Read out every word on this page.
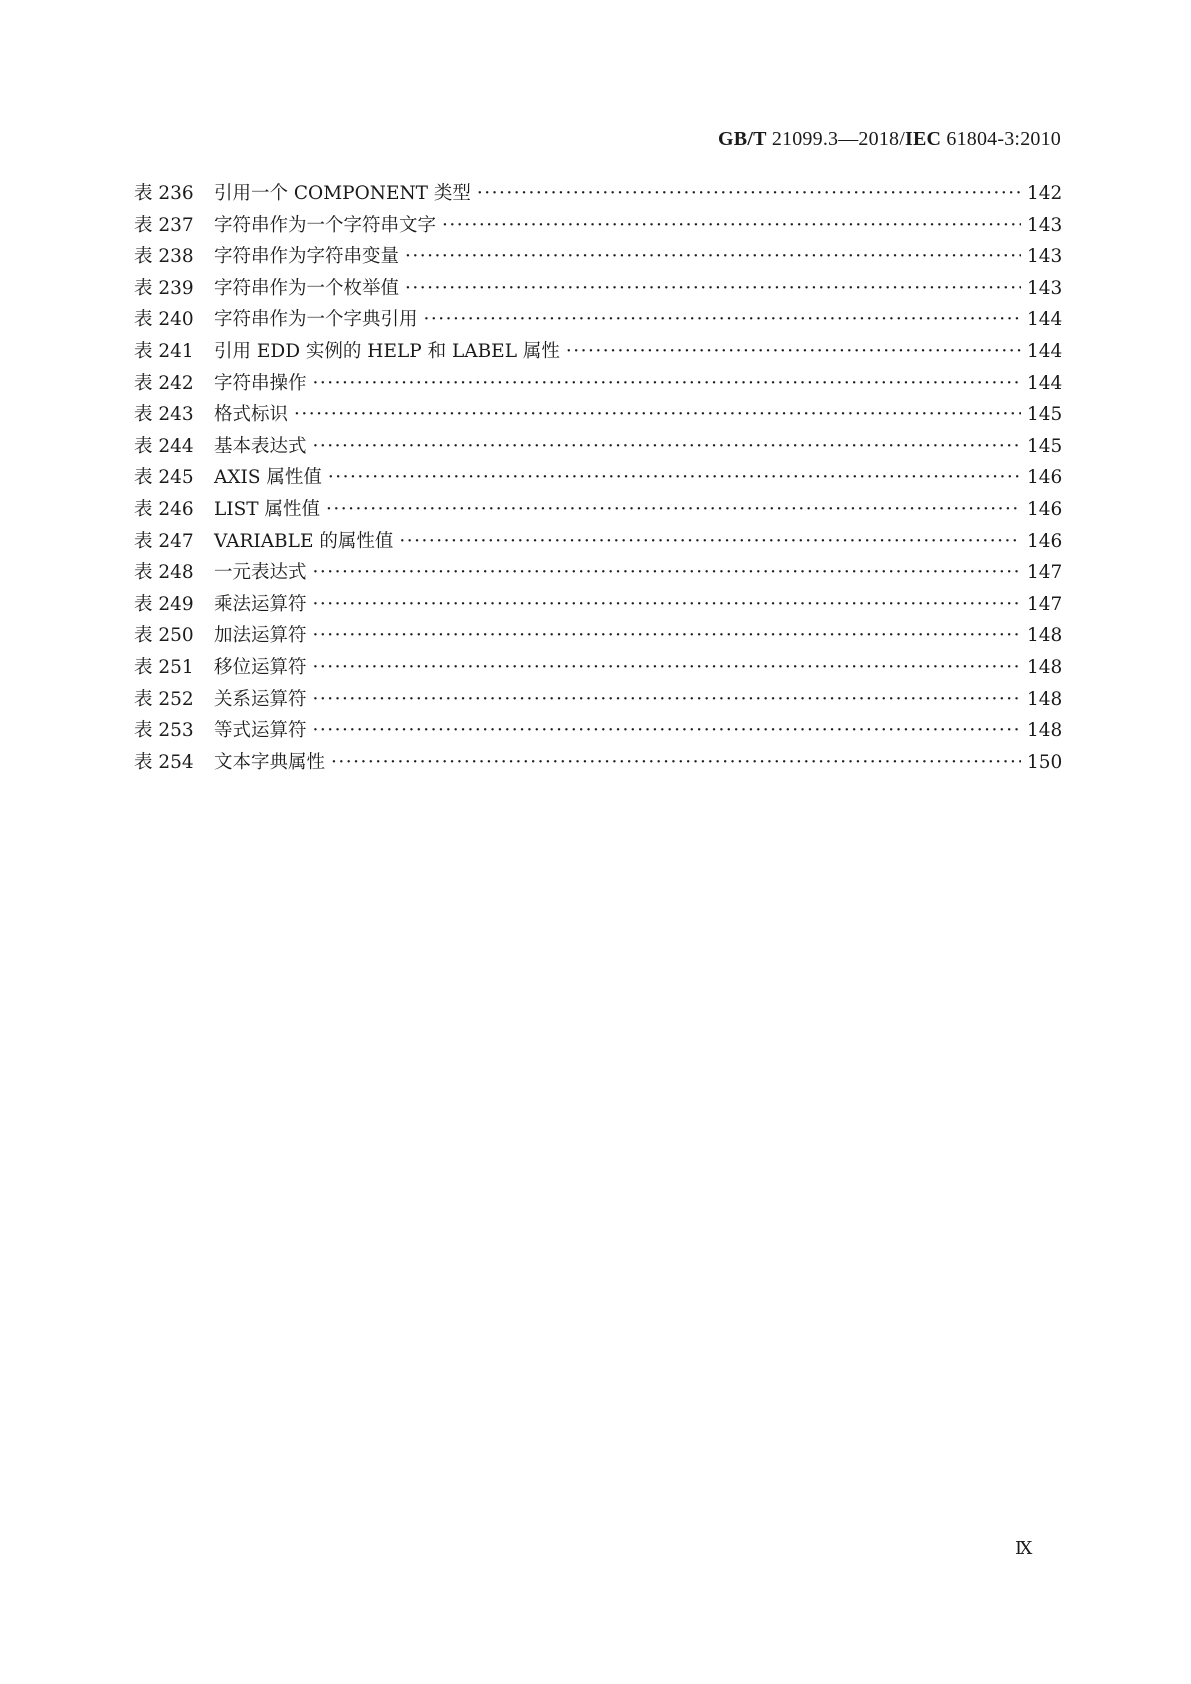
GB/T 21099.3—2018/IEC 61804-3:2010
表 236	引用一个 COMPONENT 类型 ·····	142
表 237	字符串作为一个字符串文字 ·····	143
表 238	字符串作为字符串变量 ·····	143
表 239	字符串作为一个枚举值 ·····	143
表 240	字符串作为一个字典引用 ·····	144
表 241	引用 EDD 实例的 HELP 和 LABEL 属性 ·····	144
表 242	字符串操作 ·····	144
表 243	格式标识 ·····	145
表 244	基本表达式 ·····	145
表 245	AXIS 属性值 ·····	146
表 246	LIST 属性值 ·····	146
表 247	VARIABLE 的属性值 ·····	146
表 248	一元表达式 ·····	147
表 249	乘法运算符 ·····	147
表 250	加法运算符 ·····	148
表 251	移位运算符 ·····	148
表 252	关系运算符 ·····	148
表 253	等式运算符 ·····	148
表 254	文本字典属性 ·····	150
Ⅸ
